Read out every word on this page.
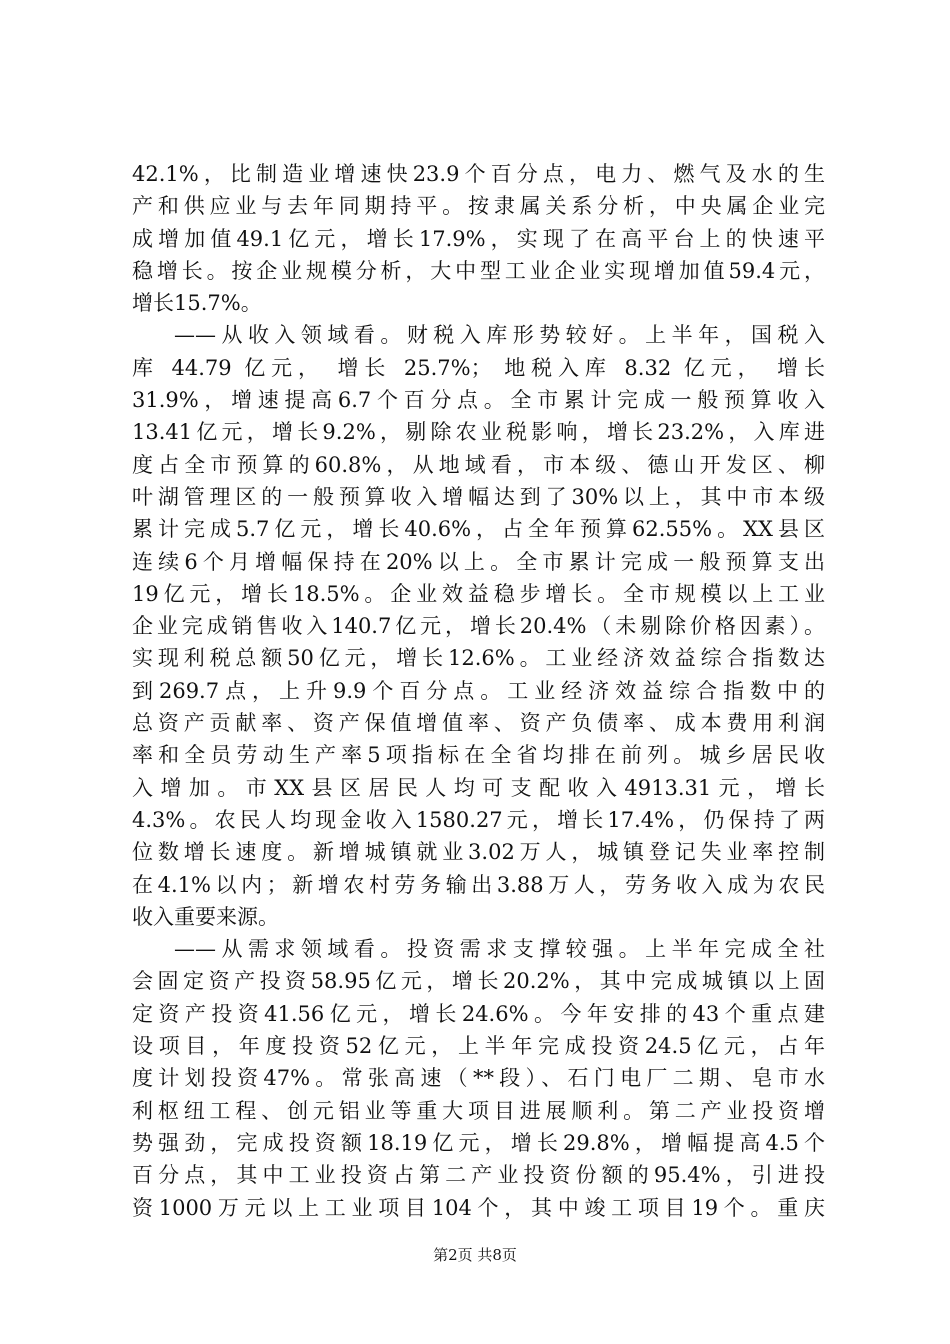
42.1%，比制造业增速快23.9个百分点，电力、燃气及水的生
产和供应业与去年同期持平。按隶属关系分析，中央属企业完
成增加值49.1亿元，增长17.9%，实现了在高平台上的快速平
稳增长。按企业规模分析，大中型工业企业实现增加值59.4元，
增长15.7%。
——从收入领域看。财税入库形势较好。上半年，国税入
库 44.79 亿元， 增长 25.7%； 地税入库 8.32 亿元， 增长
31.9%，增速提高6.7个百分点。全市累计完成一般预算收入
13.41亿元，增长9.2%，剔除农业税影响，增长23.2%，入库进
度占全市预算的60.8%，从地域看，市本级、德山开发区、柳
叶湖管理区的一般预算收入增幅达到了30%以上，其中市本级
累计完成5.7亿元，增长40.6%，占全年预算62.55%。XX县区
连续6个月增幅保持在20%以上。全市累计完成一般预算支出
19亿元，增长18.5%。企业效益稳步增长。全市规模以上工业
企业完成销售收入140.7亿元，增长20.4%（未剔除价格因素）。
实现利税总额50亿元，增长12.6%。工业经济效益综合指数达
到269.7点，上升9.9个百分点。工业经济效益综合指数中的
总资产贡献率、资产保值增值率、资产负债率、成本费用利润
率和全员劳动生产率5项指标在全省均排在前列。城乡居民收
入增加。市XX县区居民人均可支配收入4913.31元，增长
4.3%。农民人均现金收入1580.27元，增长17.4%，仍保持了两
位数增长速度。新增城镇就业3.02万人，城镇登记失业率控制
在4.1%以内；新增农村劳务输出3.88万人，劳务收入成为农民
收入重要来源。
——从需求领域看。投资需求支撑较强。上半年完成全社
会固定资产投资58.95亿元，增长20.2%，其中完成城镇以上固
定资产投资41.56亿元，增长24.6%。今年安排的43个重点建
设项目，年度投资52亿元，上半年完成投资24.5亿元，占年
度计划投资47%。常张高速（**段）、石门电厂二期、皂市水
利枢纽工程、创元铝业等重大项目进展顺利。第二产业投资增
势强劲，完成投资额18.19亿元，增长29.8%，增幅提高4.5个
百分点，其中工业投资占第二产业投资份额的95.4%，引进投
资1000万元以上工业项目104个，其中竣工项目19个。重庆
第2页 共8页
